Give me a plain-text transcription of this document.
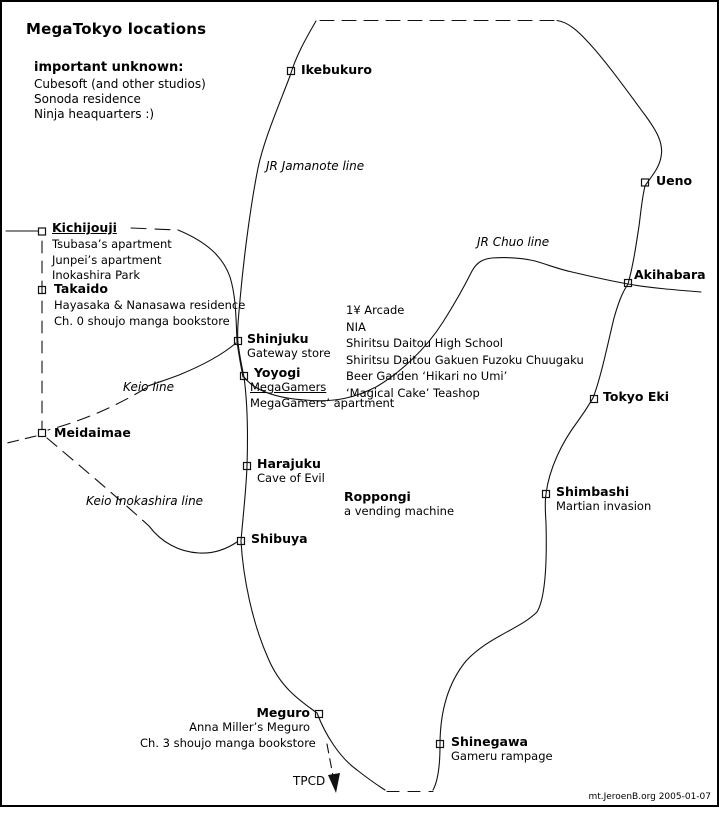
MegaTokyo locations
important unknown:
Cubesoft (and other studios)
Sonoda residence
Ninja heaquarters :)
JR Jamanote line
JR Chuo line
Keio line
Keio Inokashira line
Ikebukuro
Ueno
Akihabara
Kichijouji
Tsubasa’s apartment
Junpei’s apartment
Inokashira Park
Takaido
Hayasaka & Nanasawa residence
Ch. 0 shoujo manga bookstore
Shinjuku
Gateway store
Yoyogi
MegaGamers
MegaGamers’ apartment
Meidaimae
Harajuku
Cave of Evil
Shibuya
Tokyo Eki
Shimbashi
Martian invasion
Meguro
Anna Miller’s Meguro
Ch. 3 shoujo manga bookstore	Shinegawa
Gameru rampage
Roppongi
a vending machine
1¥ Arcade
NIA
Shiritsu Daitou High School
Shiritsu Daitou Gakuen Fuzoku Chuugaku
Beer Garden ‘Hikari no Umi’
‘Magical Cake’ Teashop
TPCD
mt.JeroenB.org 2005-01-07
